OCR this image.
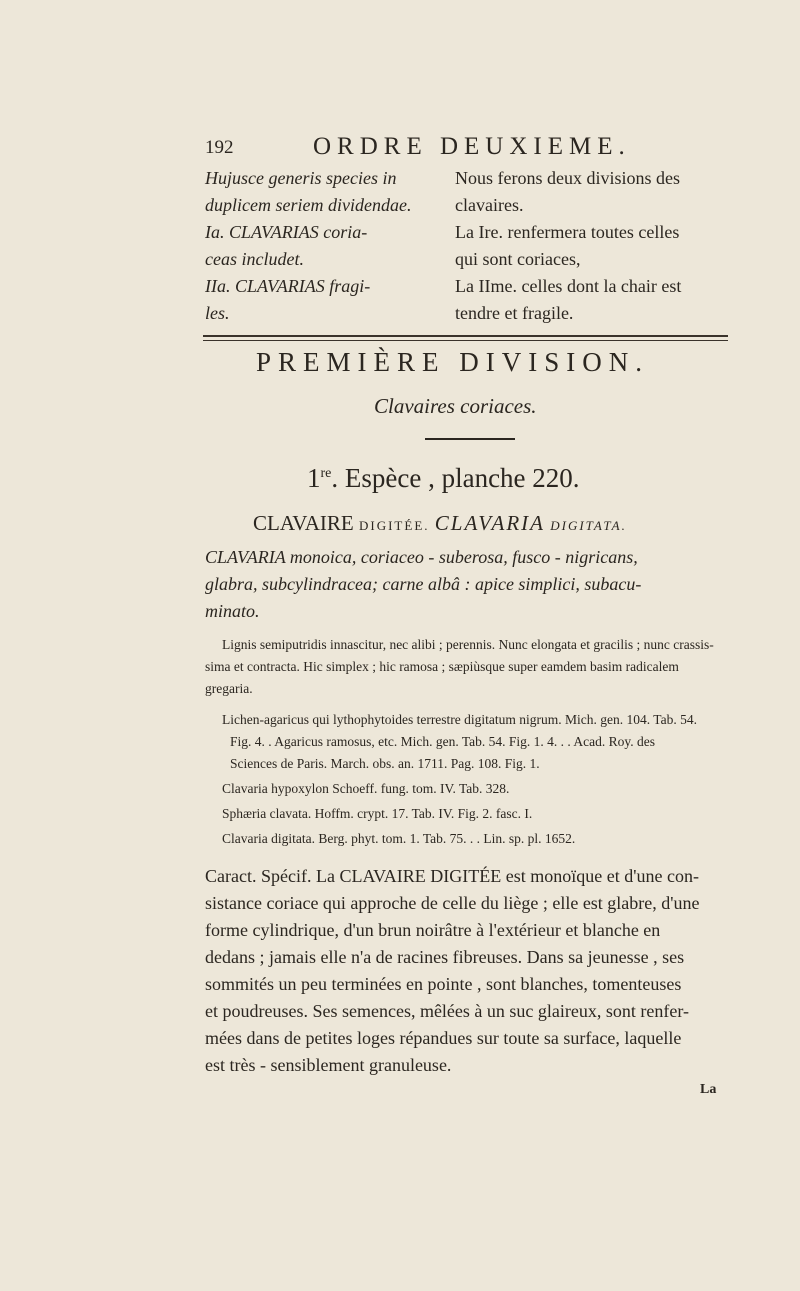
192	ORDRE DEUXIEME.
Hujusce generis species in
duplicem seriem dividendae.
Ia. CLAVARIAS coria-
ceas includet.
IIa. CLAVARIAS fragi-
les.
Nous ferons deux divisions des
clavaires.
La Ire. renfermera toutes celles
qui sont coriaces,
La IIme. celles dont la chair est
tendre et fragile.
PREMIÈRE DIVISION.
Clavaires coriaces.
1re. Espèce , planche 220.
CLAVAIRE DIGITÉE. CLAVARIA DIGITATA.
CLAVARIA monoica, coriaceo - suberosa, fusco - nigricans,
glabra, subcylindracea; carne albâ : apice simplici, subacu-
minato.
Lignis semiputridis innascitur, nec alibi ; perennis. Nunc elongata et gracilis ; nunc crassis-
sima et contracta. Hic simplex ; hic ramosa ; sæpiùsque super eamdem basim radicalem
gregaria.
Lichen-agaricus qui lythophytoides terrestre digitatum nigrum. Mich. gen. 104. Tab. 54.
Fig. 4. . Agaricus ramosus, etc. Mich. gen. Tab. 54. Fig. 1. 4. . . Acad. Roy. des
Sciences de Paris. March. obs. an. 1711. Pag. 108. Fig. 1.
Clavaria hypoxylon Schoeff. fung. tom. IV. Tab. 328.
Sphæria clavata. Hoffm. crypt. 17. Tab. IV. Fig. 2. fasc. I.
Clavaria digitata. Berg. phyt. tom. 1. Tab. 75. . . Lin. sp. pl. 1652.
Caract. Spécif. La CLAVAIRE DIGITÉE est monoïque et d'une con-
sistance coriace qui approche de celle du liège ; elle est glabre, d'une
forme cylindrique, d'un brun noirâtre à l'extérieur et blanche en
dedans ; jamais elle n'a de racines fibreuses. Dans sa jeunesse , ses
sommités un peu terminées en pointe , sont blanches, tomenteuses
et poudreuses. Ses semences, mêlées à un suc glaireux, sont renfer-
mées dans de petites loges répandues sur toute sa surface, laquelle
est très - sensiblement granuleuse.
La
